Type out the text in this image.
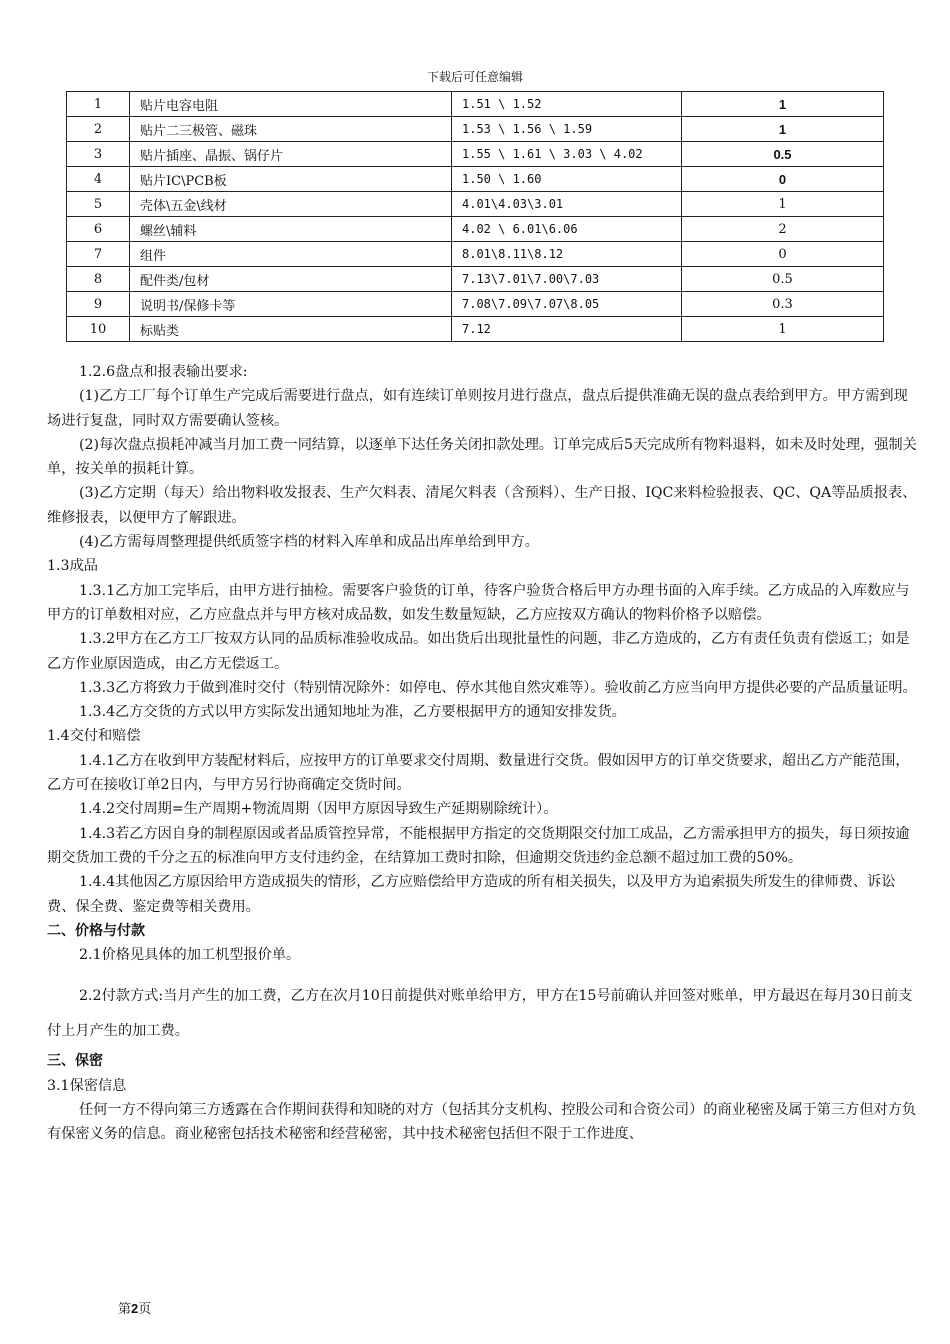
下载后可任意编辑
1	贴片电容电阻	1.51 \ 1.52	1
2	贴片二三极管、磁珠	1.53 \ 1.56 \ 1.59	1
3	贴片插座、晶振、锅仔片	1.55 \ 1.61 \ 3.03 \ 4.02	0.5
4	贴片IC\PCB板	1.50 \ 1.60	0
5	壳体\五金\线材	4.01\4.03\3.01	1
6	螺丝\辅料	4.02 \ 6.01\6.06	2
7	组件	8.01\8.11\8.12	0
8	配件类/包材	7.13\7.01\7.00\7.03	0.5
9	说明书/保修卡等	7.08\7.09\7.07\8.05	0.3
10	标贴类	7.12	1

1.2.6盘点和报表输出要求:

(1)乙方工厂每个订单生产完成后需要进行盘点，如有连续订单则按月进行盘点，盘点后提供准确无误的盘点表给到甲方。甲方需到现场进行复盘，同时双方需要确认签核。

(2)每次盘点损耗冲减当月加工费一同结算，以逐单下达任务关闭扣款处理。订单完成后5天完成所有物料退料，如未及时处理，强制关单，按关单的损耗计算。

(3)乙方定期（每天）给出物料收发报表、生产欠料表、清尾欠料表（含预料）、生产日报、IQC来料检验报表、QC、QA等品质报表、维修报表，以便甲方了解跟进。

(4)乙方需每周整理提供纸质签字档的材料入库单和成品出库单给到甲方。

1.3成品

1.3.1乙方加工完毕后，由甲方进行抽检。需要客户验货的订单，待客户验货合格后甲方办理书面的入库手续。乙方成品的入库数应与甲方的订单数相对应，乙方应盘点并与甲方核对成品数，如发生数量短缺，乙方应按双方确认的物料价格予以赔偿。

1.3.2甲方在乙方工厂按双方认同的品质标准验收成品。如出货后出现批量性的问题，非乙方造成的，乙方有责任负责有偿返工；如是乙方作业原因造成，由乙方无偿返工。

1.3.3乙方将致力于做到准时交付（特别情况除外：如停电、停水其他自然灾难等）。验收前乙方应当向甲方提供必要的产品质量证明。

1.3.4乙方交货的方式以甲方实际发出通知地址为准，乙方要根据甲方的通知安排发货。

1.4交付和赔偿

1.4.1乙方在收到甲方装配材料后，应按甲方的订单要求交付周期、数量进行交货。假如因甲方的订单交货要求，超出乙方产能范围，乙方可在接收订单2日内，与甲方另行协商确定交货时间。

1.4.2交付周期=生产周期+物流周期（因甲方原因导致生产延期剔除统计）。

1.4.3若乙方因自身的制程原因或者品质管控异常，不能根据甲方指定的交货期限交付加工成品，乙方需承担甲方的损失，每日须按逾期交货加工费的千分之五的标准向甲方支付违约金，在结算加工费时扣除，但逾期交货违约金总额不超过加工费的50%。

1.4.4其他因乙方原因给甲方造成损失的情形，乙方应赔偿给甲方造成的所有相关损失，以及甲方为追索损失所发生的律师费、诉讼费、保全费、鉴定费等相关费用。

二、价格与付款

2.1价格见具体的加工机型报价单。

2.2付款方式:当月产生的加工费，乙方在次月10日前提供对账单给甲方，甲方在15号前确认并回签对账单，甲方最迟在每月30日前支付上月产生的加工费。

三、保密

3.1保密信息

任何一方不得向第三方透露在合作期间获得和知晓的对方（包括其分支机构、控股公司和合资公司）的商业秘密及属于第三方但对方负有保密义务的信息。商业秘密包括技术秘密和经营秘密，其中技术秘密包括但不限于工作进度、

第2页
